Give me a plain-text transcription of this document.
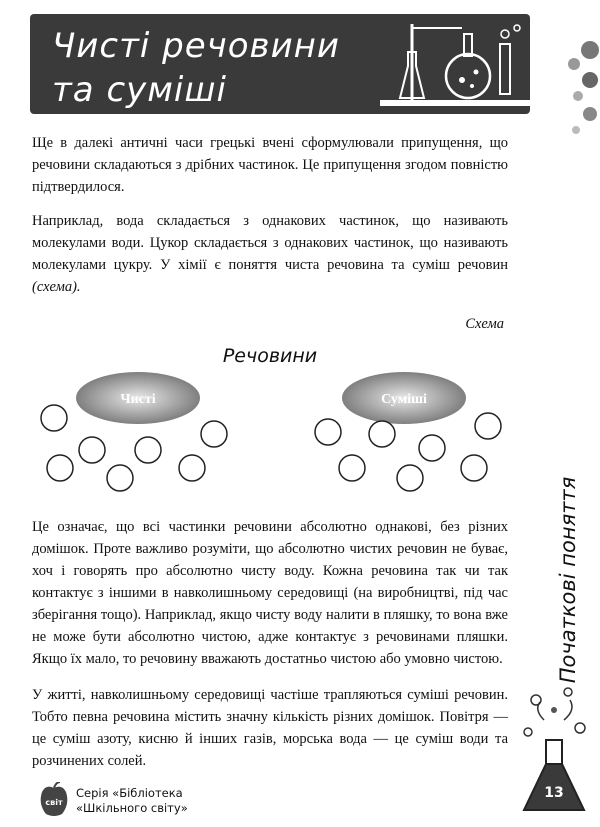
Чисті речовини
та суміші

Ще в далекі античні часи грецькі вчені сформулювали припущення, що речовини складаються з дрібних частинок. Це припущення згодом повністю підтвердилося.

Наприклад, вода складається з однакових частинок, що називають молекулами води. Цукор складається з однакових частинок, що називають молекулами цукру. У хімії є поняття чиста речовина та суміш речовин (схема).

Схема
Речовини
Чисті	Суміші

Це означає, що всі частинки речовини абсолютно однакові, без різних домішок. Проте важливо розуміти, що абсолютно чистих речовин не буває, хоч і говорять про абсолютно чисту воду. Кожна речовина так чи так контактує з іншими в навколишньому середовищі (на виробництві, під час зберігання тощо). Наприклад, якщо чисту воду налити в пляшку, то вона вже не може бути абсолютно чистою, адже контактує з речовинами пляшки. Якщо їх мало, то речовину вважають достатньо чистою або умовно чистою.

У житті, навколишньому середовищі частіше трапляються суміші речовин. Тобто певна речовина містить значну кількість різних домішок. Повітря — це суміш азоту, кисню й інших газів, морська вода — це суміш води та розчинених солей.

Початкові поняття
13
світ
Серія «Бібліотека
«Шкільного світу»
